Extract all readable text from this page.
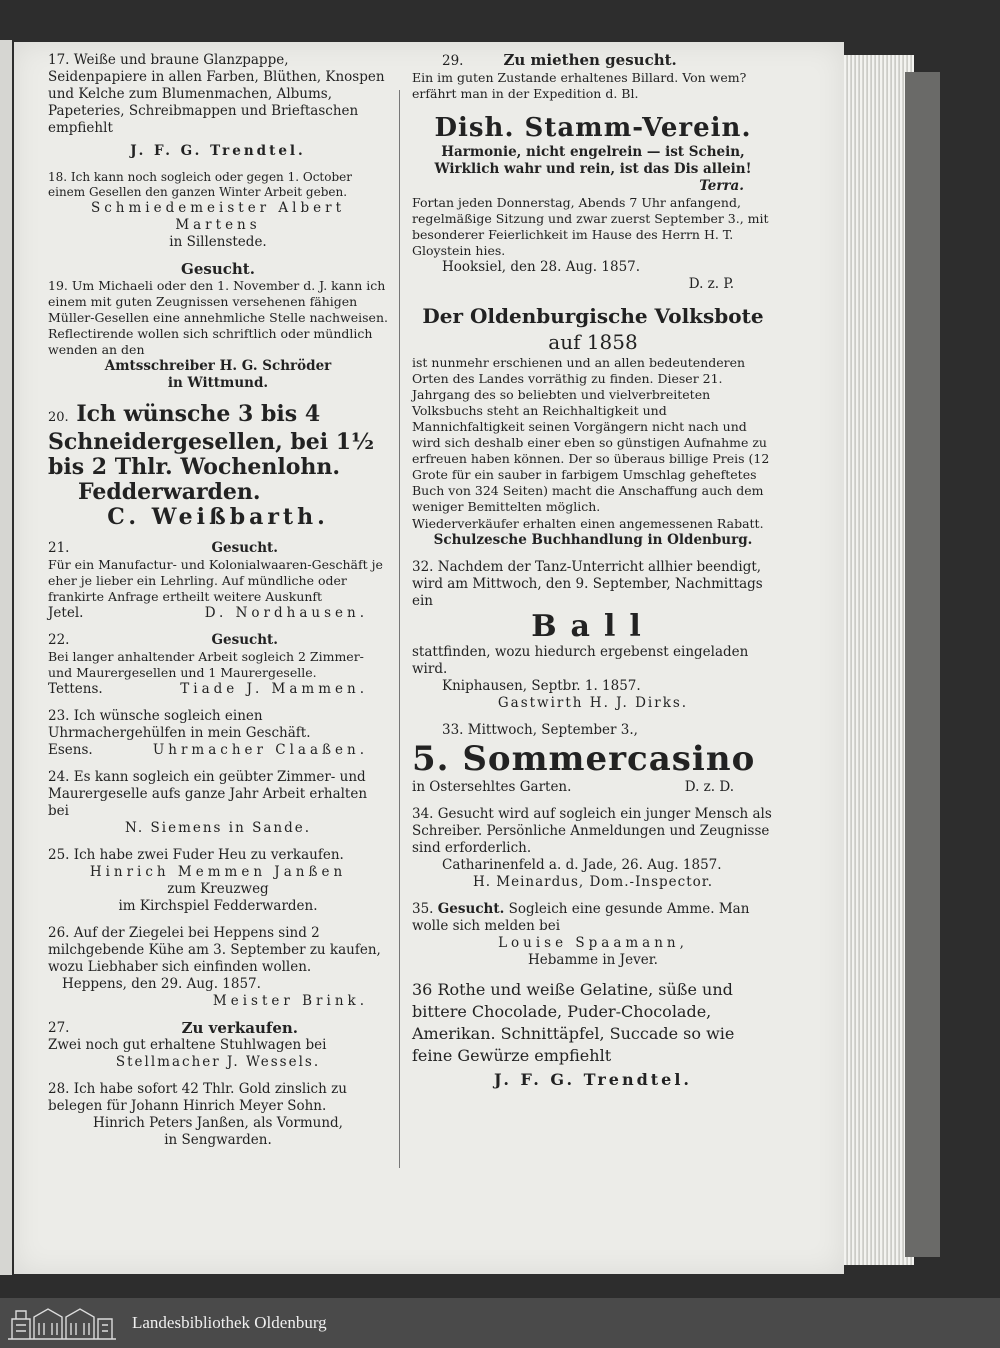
17. Weiße und braune Glanzpappe, Seidenpapiere in allen Farben, Blüthen, Knospen und Kelche zum Blumenmachen, Albums, Papeteries, Schreibmappen und Brieftaschen empfiehlt

J. F. G. Trendtel.

18. Ich kann noch sogleich oder gegen 1. October einem Gesellen den ganzen Winter Arbeit geben.

Schmiedemeister Albert Martens

in Sillenstede.

Gesucht.

19. Um Michaeli oder den 1. November d. J. kann ich einem mit guten Zeugnissen versehenen fähigen Müller-Gesellen eine annehmliche Stelle nachweisen. Reflectirende wollen sich schriftlich oder mündlich wenden an den

Amtsschreiber H. G. Schröder

in Wittmund.

20. Ich wünsche 3 bis 4 Schneidergesellen, bei 1½ bis 2 Thlr. Wochenlohn.

Fedderwarden.

C. Weißbarth.

21.	Gesucht.

Für ein Manufactur- und Kolonialwaaren-Geschäft je eher je lieber ein Lehrling. Auf mündliche oder frankirte Anfrage ertheilt weitere Auskunft

Jetel.	D. Nordhausen.
22.	Gesucht.

Bei langer anhaltender Arbeit sogleich 2 Zimmer- und Maurergesellen und 1 Maurergeselle.

Tettens.	Tiade J. Mammen.

23. Ich wünsche sogleich einen Uhrmachergehülfen in mein Geschäft.

Esens.	Uhrmacher Claaßen.

24. Es kann sogleich ein geübter Zimmer- und Maurergeselle aufs ganze Jahr Arbeit erhalten bei

N. Siemens in Sande.

25. Ich habe zwei Fuder Heu zu verkaufen.

Hinrich Memmen Janßen

zum Kreuzweg

im Kirchspiel Fedderwarden.

26. Auf der Ziegelei bei Heppens sind 2 milchgebende Kühe am 3. September zu kaufen, wozu Liebhaber sich einfinden wollen.

Heppens, den 29. Aug. 1857.

Meister Brink.

27.	Zu verkaufen.

Zwei noch gut erhaltene Stuhlwagen bei

Stellmacher J. Wessels.

28. Ich habe sofort 42 Thlr. Gold zinslich zu belegen für Johann Hinrich Meyer Sohn.

Hinrich Peters Janßen, als Vormund,

in Sengwarden.

29.	Zu miethen gesucht.

Ein im guten Zustande erhaltenes Billard. Von wem? erfährt man in der Expedition d. Bl.

Dish. Stamm-Verein.

Harmonie, nicht engelrein — ist Schein,

Wirklich wahr und rein, ist das Dis allein!

Terra.

Fortan jeden Donnerstag, Abends 7 Uhr anfangend, regelmäßige Sitzung und zwar zuerst September 3., mit besonderer Feierlichkeit im Hause des Herrn H. T. Gloystein hies.

Hooksiel, den 28. Aug. 1857.

D. z. P.

Der Oldenburgische Volksbote

auf 1858

ist nunmehr erschienen und an allen bedeutenderen Orten des Landes vorräthig zu finden. Dieser 21. Jahrgang des so beliebten und vielverbreiteten Volksbuchs steht an Reichhaltigkeit und Mannichfaltigkeit seinen Vorgängern nicht nach und wird sich deshalb einer eben so günstigen Aufnahme zu erfreuen haben können. Der so überaus billige Preis (12 Grote für ein sauber in farbigem Umschlag geheftetes Buch von 324 Seiten) macht die Anschaffung auch dem weniger Bemittelten möglich.

Wiederverkäufer erhalten einen angemessenen Rabatt.

Schulzesche Buchhandlung in Oldenburg.

32. Nachdem der Tanz-Unterricht allhier beendigt, wird am Mittwoch, den 9. September, Nachmittags ein

Ball

stattfinden, wozu hiedurch ergebenst eingeladen wird.

Kniphausen, Septbr. 1. 1857.

Gastwirth H. J. Dirks.

33. Mittwoch, September 3.,

5. Sommercasino

in Ostersehltes Garten.	D. z. D.

34. Gesucht wird auf sogleich ein junger Mensch als Schreiber. Persönliche Anmeldungen und Zeugnisse sind erforderlich.

Catharinenfeld a. d. Jade, 26. Aug. 1857.

H. Meinardus, Dom.-Inspector.

35. Gesucht. Sogleich eine gesunde Amme. Man wolle sich melden bei

Louise Spaamann,

Hebamme in Jever.

36 Rothe und weiße Gelatine, süße und bittere Chocolade, Puder-Chocolade, Amerikan. Schnittäpfel, Succade so wie feine Gewürze empfiehlt

J. F. G. Trendtel.

Landesbibliothek Oldenburg
